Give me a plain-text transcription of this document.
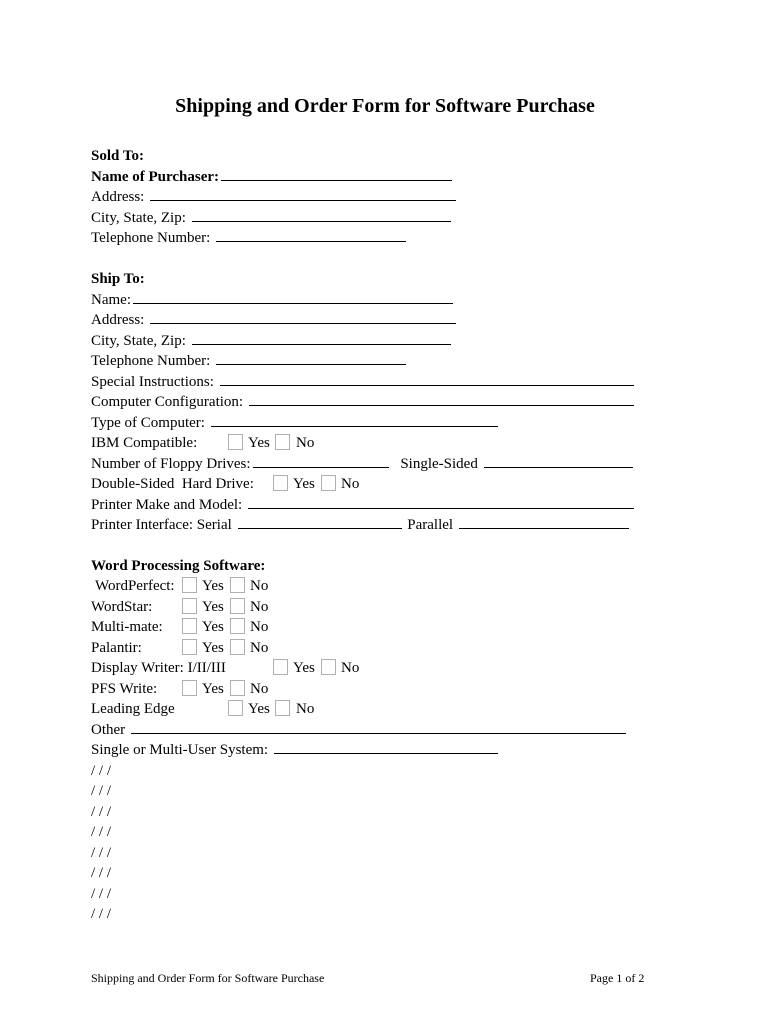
Shipping and Order Form for Software Purchase
Sold To:
Name of Purchaser:
Address:
City, State, Zip:
Telephone Number:
Ship To:
Name:
Address:
City, State, Zip:
Telephone Number:
Special Instructions:
Computer Configuration:
Type of Computer:
IBM Compatible:	Yes No
Number of Floppy Drives:	Single-Sided
Double-Sided  Hard Drive:	Yes No
Printer Make and Model:
Printer Interface: Serial	Parallel
Word Processing Software:
WordPerfect: Yes No
WordStar:	Yes No
Multi-mate:	Yes No
Palantir:	Yes No
Display Writer: I/II/III	Yes No
PFS Write:	Yes No
Leading Edge	Yes No
Other
Single or Multi-User System:
/ / /
/ / /
/ / /
/ / /
/ / /
/ / /
/ / /
/ / /
Shipping and Order Form for Software Purchase	Page 1 of 2
